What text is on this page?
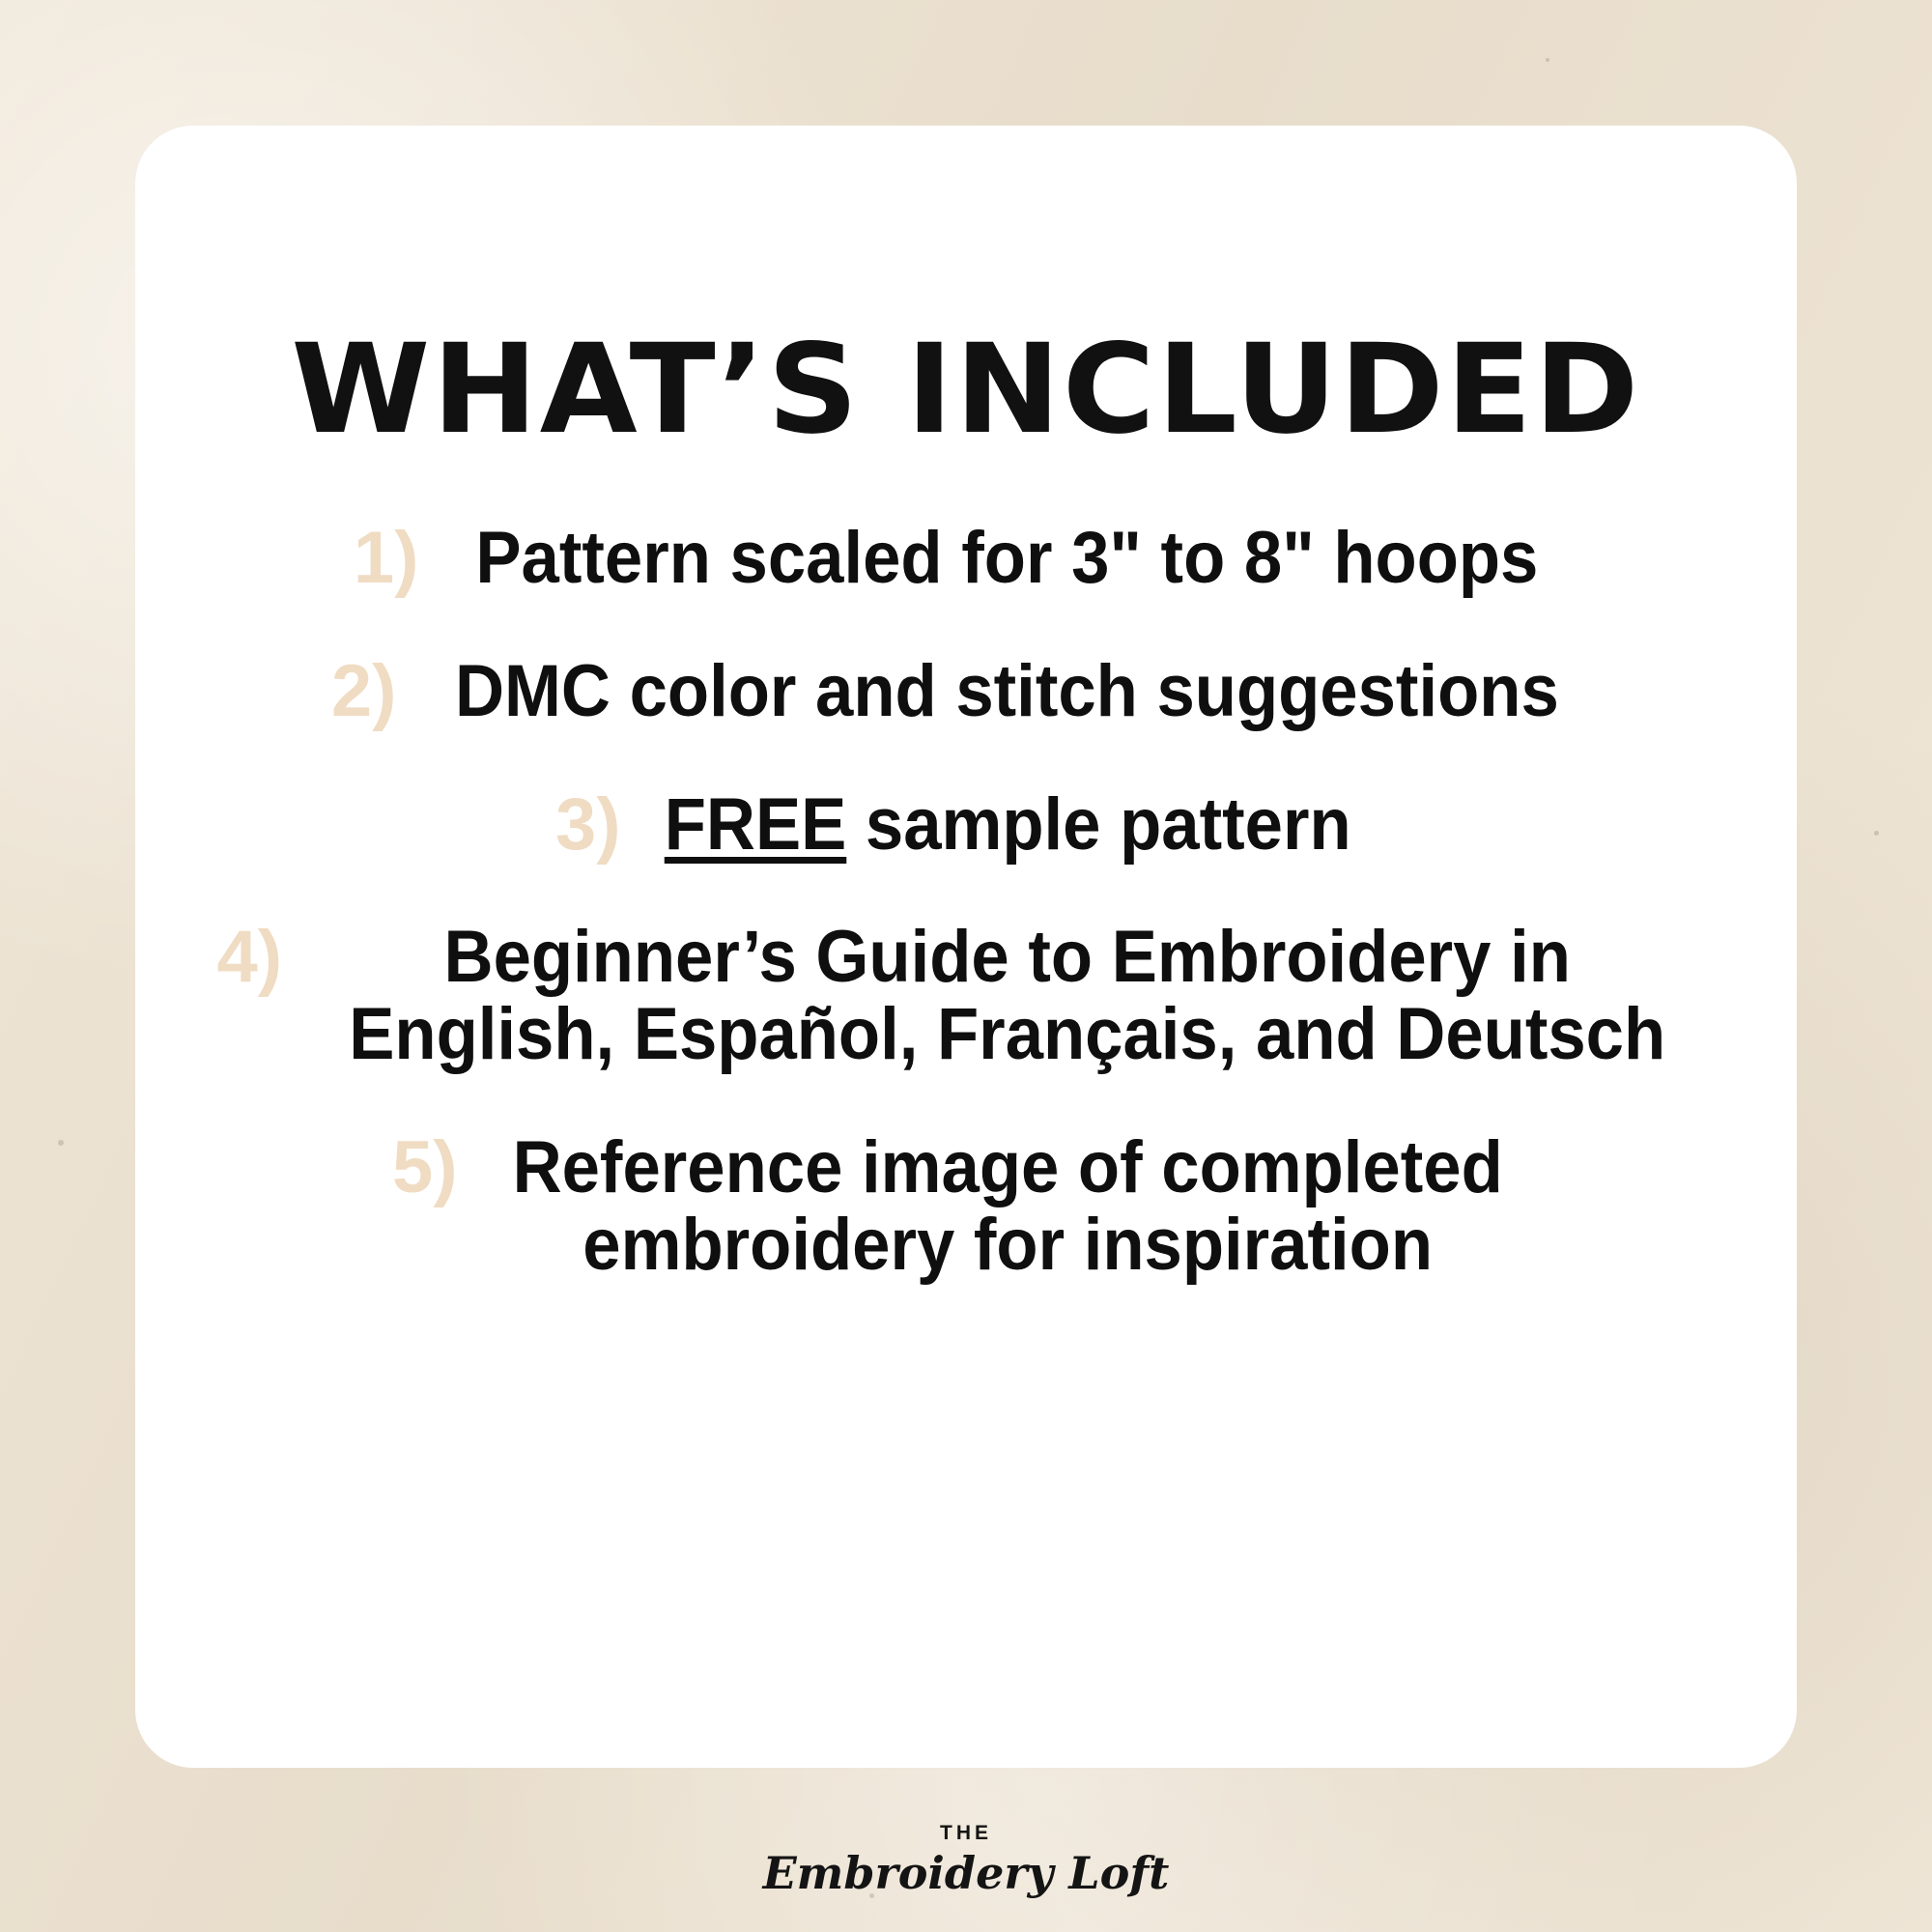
WHAT’S INCLUDED
1) Pattern scaled for 3" to 8" hoops
2) DMC color and stitch suggestions
3) FREE sample pattern
4)	Beginner’s Guide to Embroidery in
English, Español, Français, and Deutsch
5) Reference image of completed
embroidery for inspiration
THE
Embroidery Loft
